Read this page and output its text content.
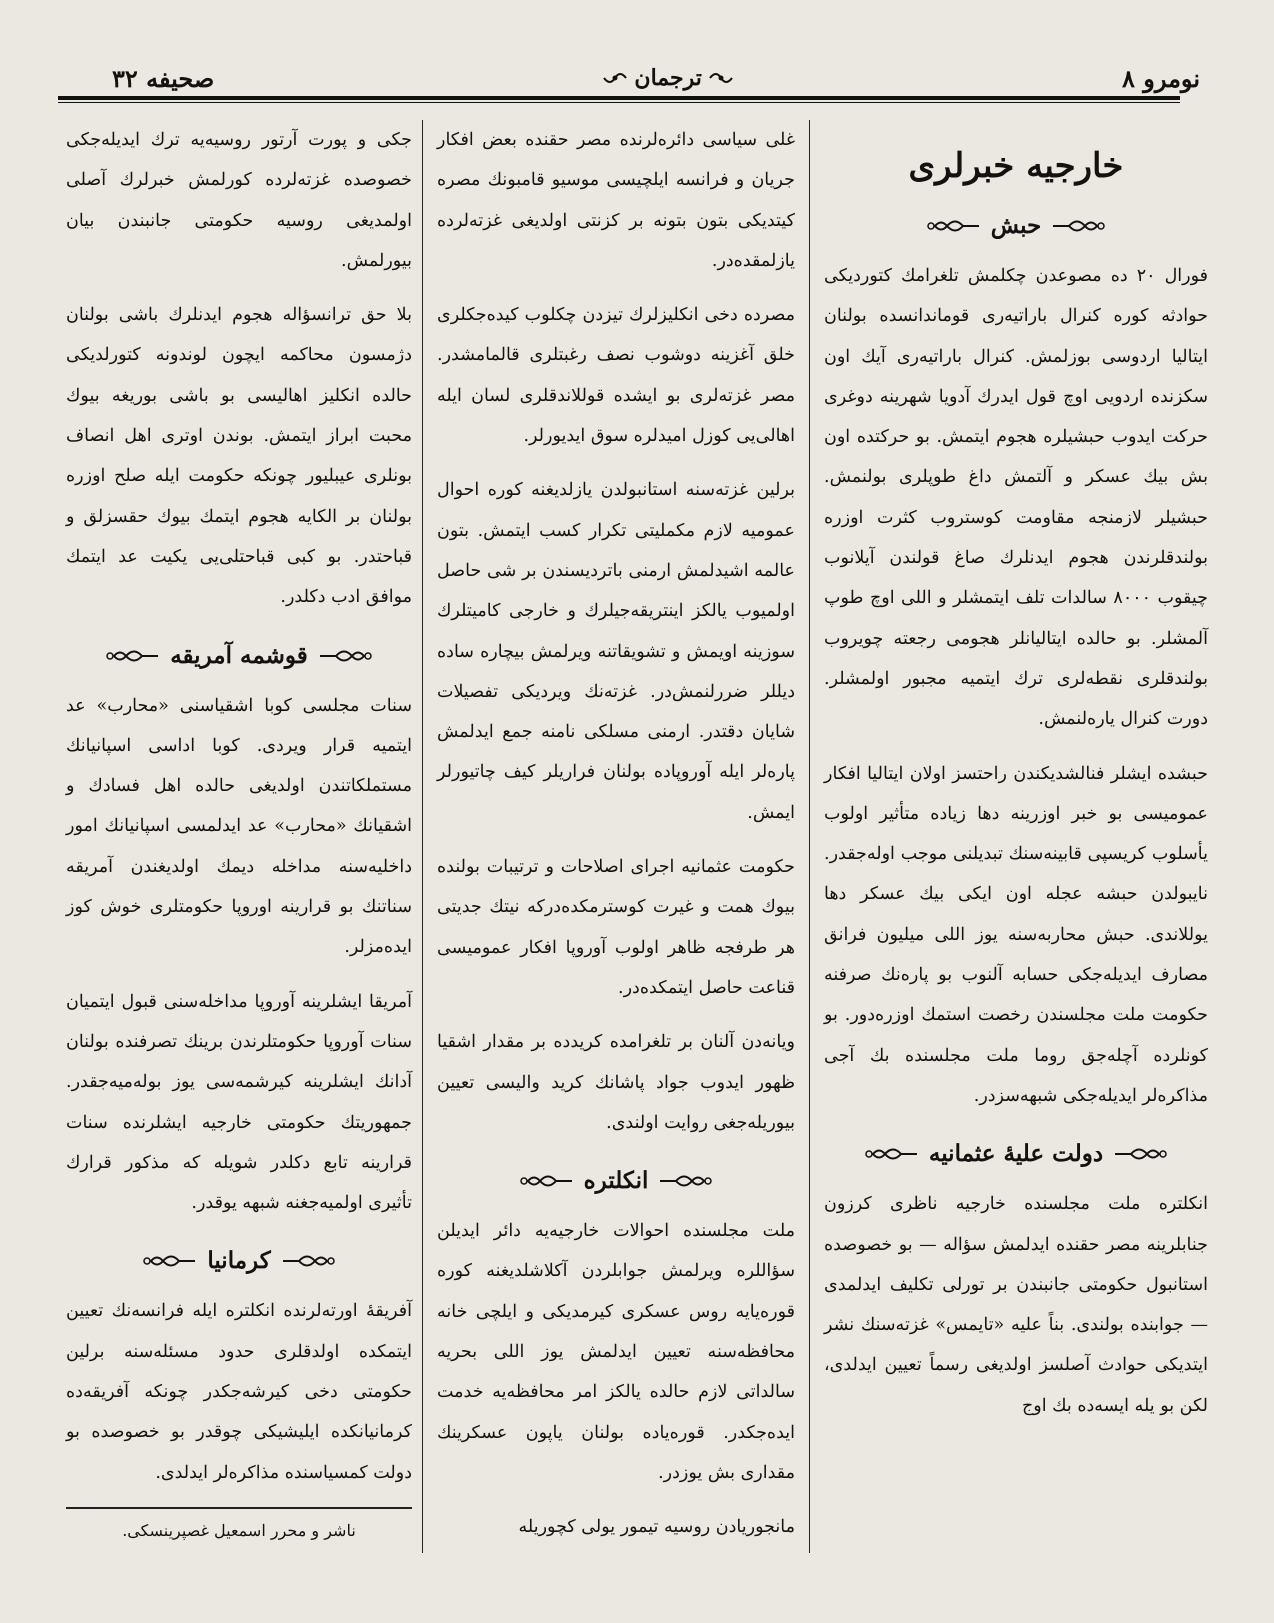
نومرو ۸
ترجمان
صحیفه ۳۲
خارجیه خبرلری
حبش

فورال ۲۰ ده مصوعدن چکلمش تلغرامك کتوردیکی حوادثه کوره کنرال باراتیه‌ری قوماندانسده بولنان ایتالیا اردوسی بوزلمش. کنرال باراتیه‌ری آیك اون سکزنده اردویی اوچ قول ایدرك آدویا شهرینه دوغری حرکت ایدوب حبشیلره هجوم ایتمش. بو حرکتده اون بش بیك عسکر و آلتمش داغ طوپلری بولنمش. حبشیلر لازمنجه مقاومت کوستروب کثرت اوزره بولندقلرندن هجوم ایدنلرك صاغ قولندن آیلانوب چیقوب ۸۰۰۰ سالدات تلف ایتمشلر و اللی اوچ طوپ آلمشلر. بو حالده ایتالیانلر هجومی رجعته چویروب بولندقلری نقطه‌لری ترك ایتمیه مجبور اولمشلر. دورت کنرال یاره‌لنمش.

حبشده ایشلر فنالشدیکندن راحتسز اولان ایتالیا افکار عمومیسی بو خبر اوزرینه دها زیاده متأثیر اولوب یأسلوب کریسپی قابینه‌سنك تبدیلنی موجب اوله‌جقدر. نایبولدن حبشه عجله اون ایکی بیك عسکر دها یوللاندی. حبش محاربه‌سنه یوز اللی میلیون فرانق مصارف ایدیله‌جکی حسابه آلنوب بو پاره‌نك صرفنه حکومت ملت مجلسندن رخصت استمك اوزره‌دور. بو کونلرده آچله‌جق روما ملت مجلسنده بك آجی مذاکره‌لر ایدیله‌جکی شبهه‌سزدر.

دولت علیهٔ عثمانیه

انکلتره ملت مجلسنده خارجیه ناظری کرزون جنابلرینه مصر حقنده ایدلمش سؤاله — بو خصوصده استانبول حکومتی جانبندن بر تورلی تکلیف ایدلمدی — جوابنده بولندی. بناً علیه «تایمس» غزته‌سنك نشر ایتدیکی حوادث آصلسز اولدیغی رسماً تعیین ایدلدی، لکن بو یله ایسه‌ده بك اوج

غلی سیاسی دائره‌لرنده مصر حقنده بعض افکار جریان و فرانسه ایلچیسی موسیو قامبونك مصره کیتدیکی بتون بتونه بر کزنتی اولدیغی غزته‌لرده یازلمقده‌در.

مصرده دخی انکلیزلرك تیزدن چکلوب کیده‌جکلری خلق آغزینه دوشوب نصف رغبتلری قالمامشدر. مصر غزته‌لری بو ایشده قوللاندقلری لسان ایله اهالی‌یی کوزل امیدلره سوق ایدیورلر.

برلین غزته‌سنه استانبولدن یازلدیغنه کوره احوال عمومیه لازم مکملیتی تکرار کسب ایتمش. بتون عالمه اشیدلمش ارمنی باتردیسندن بر شی حاصل اولمیوب یالکز اینتریقه‌جیلرك و خارجی کامیتلرك سوزینه اویمش و تشویقاتنه ویرلمش بیچاره ساده دیللر ضررلنمش‌در. غزته‌نك ویردیکی تفصیلات شایان دقتدر. ارمنی مسلکی نامنه جمع ایدلمش پاره‌لر ایله آوروپاده بولنان فراریلر کیف چاتیورلر ایمش.

حکومت عثمانیه اجرای اصلاحات و ترتیبات بولنده بیوك همت و غیرت کوسترمکده‌درکه نیتك جدیتی هر طرفجه ظاهر اولوب آوروپا افکار عمومیسی قناعت حاصل ایتمکده‌در.

ویانه‌دن آلنان بر تلغرامده کریدده بر مقدار اشقیا ظهور ایدوب جواد پاشانك کرید والیسی تعیین بیوریله‌جغی روایت اولندی.

انکلتره

ملت مجلسنده احوالات خارجیه‌یه دائر ایدیلن سؤاللره ویرلمش جوابلردن آکلاشلدیغنه کوره قوره‌یایه روس عسکری کیرمدیکی و ایلچی خانه محافظه‌سنه تعیین ایدلمش یوز اللی بحریه سالداتی لازم حالده یالکز امر محافظه‌یه خدمت ایده‌جکدر. قوره‌یاده بولنان یاپون عسکرینك مقداری بش یوزدر.

مانجوریادن روسیه تیمور یولی کچوریله

جکی و پورت آرتور روسیه‌یه ترك ایدیله‌جکی خصوصده غزته‌لرده کورلمش خبرلرك آصلی اولمدیغی روسیه حکومتی جانبندن بیان بیورلمش.

بلا حق ترانسؤاله هجوم ایدنلرك باشی بولنان دژمسون محاکمه ایچون لوندونه کتورلدیکی حالده انکلیز اهالیسی بو باشی بوریغه بیوك محبت ابراز ایتمش. بوندن اوتری اهل انصاف بونلری عیبلیور چونکه حکومت ایله صلح اوزره بولنان بر الکایه هجوم ایتمك بیوك حقسزلق و قباحتدر. بو کبی قباحتلی‌یی یکیت عد ایتمك موافق ادب دکلدر.

قوشمه آمریقه

سنات مجلسی کوبا اشقیاسنی «محارب» عد ایتمیه قرار ویردی. کوبا اداسی اسپانیانك مستملکاتندن اولدیغی حالده اهل فسادك و اشقیانك «محارب» عد ایدلمسی اسپانیانك امور داخلیه‌سنه مداخله دیمك اولدیغندن آمریقه سناتنك بو قرارینه اوروپا حکومتلری خوش کوز ایده‌مزلر.

آمریقا ایشلرینه آوروپا مداخله‌سنی قبول ایتمیان سنات آوروپا حکومتلرندن برینك تصرفنده بولنان آدانك ایشلرینه کیرشمه‌سی یوز بوله‌میه‌جقدر. جمهوریتك حکومتی خارجیه ایشلرنده سنات قرارینه تابع دکلدر شویله که مذکور قرارك تأثیری اولمیه‌جغنه شبهه یوقدر.

کرمانیا

آفریقهٔ اورته‌لرنده انکلتره ایله فرانسه‌نك تعیین ایتمکده اولدقلری حدود مسئله‌سنه برلین حکومتی دخی کیرشه‌جکدر چونکه آفریقه‌ده کرمانیانکده ایلیشیکی چوقدر بو خصوصده بو دولت کمسیاسنده مذاکره‌لر ایدلدی.

ناشر و محرر اسمعیل غصپرینسکی.
